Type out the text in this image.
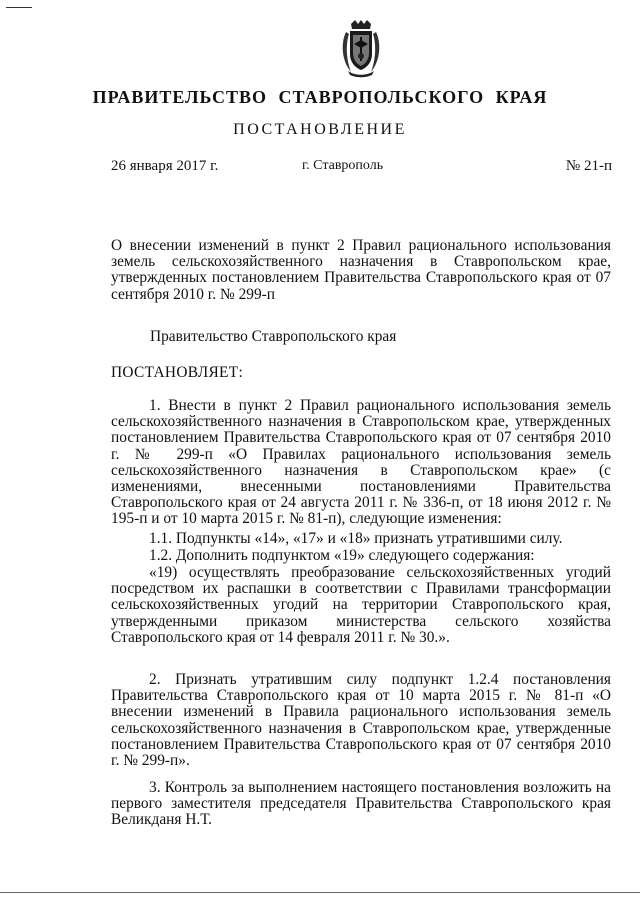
ПРАВИТЕЛЬСТВО СТАВРОПОЛЬСКОГО КРАЯ
ПОСТАНОВЛЕНИЕ
26 января 2017 г.	г. Ставрополь	№ 21-п

О внесении изменений в пункт 2 Правил рационального использования земель сельскохозяйственного назначения в Ставропольском крае, утвержденных постановлением Правительства Ставропольского края от 07 сентября 2010 г. № 299-п

Правительство Ставропольского края
ПОСТАНОВЛЯЕТ:

1. Внести в пункт 2 Правил рационального использования земель сельскохозяйственного назначения в Ставропольском крае, утвержденных постановлением Правительства Ставропольского края от 07 сентября 2010 г. № 299-п «О Правилах рационального использования земель сельскохозяйственного назначения в Ставропольском крае» (с изменениями, внесенными постановлениями Правительства Ставропольского края от 24 августа 2011 г. № 336-п, от 18 июня 2012 г. № 195-п и от 10 марта 2015 г. № 81-п), следующие изменения:

1.1. Подпункты «14», «17» и «18» признать утратившими силу.

1.2. Дополнить подпунктом «19» следующего содержания:

«19) осуществлять преобразование сельскохозяйственных угодий посредством их распашки в соответствии с Правилами трансформации сельскохозяйственных угодий на территории Ставропольского края, утвержденными приказом министерства сельского хозяйства Ставропольского края от 14 февраля 2011 г. № 30.».

2. Признать утратившим силу подпункт 1.2.4 постановления Правительства Ставропольского края от 10 марта 2015 г. № 81-п «О внесении изменений в Правила рационального использования земель сельскохозяйственного назначения в Ставропольском крае, утвержденные постановлением Правительства Ставропольского края от 07 сентября 2010 г. № 299-п».

3. Контроль за выполнением настоящего постановления возложить на первого заместителя председателя Правительства Ставропольского края Великданя Н.Т.
